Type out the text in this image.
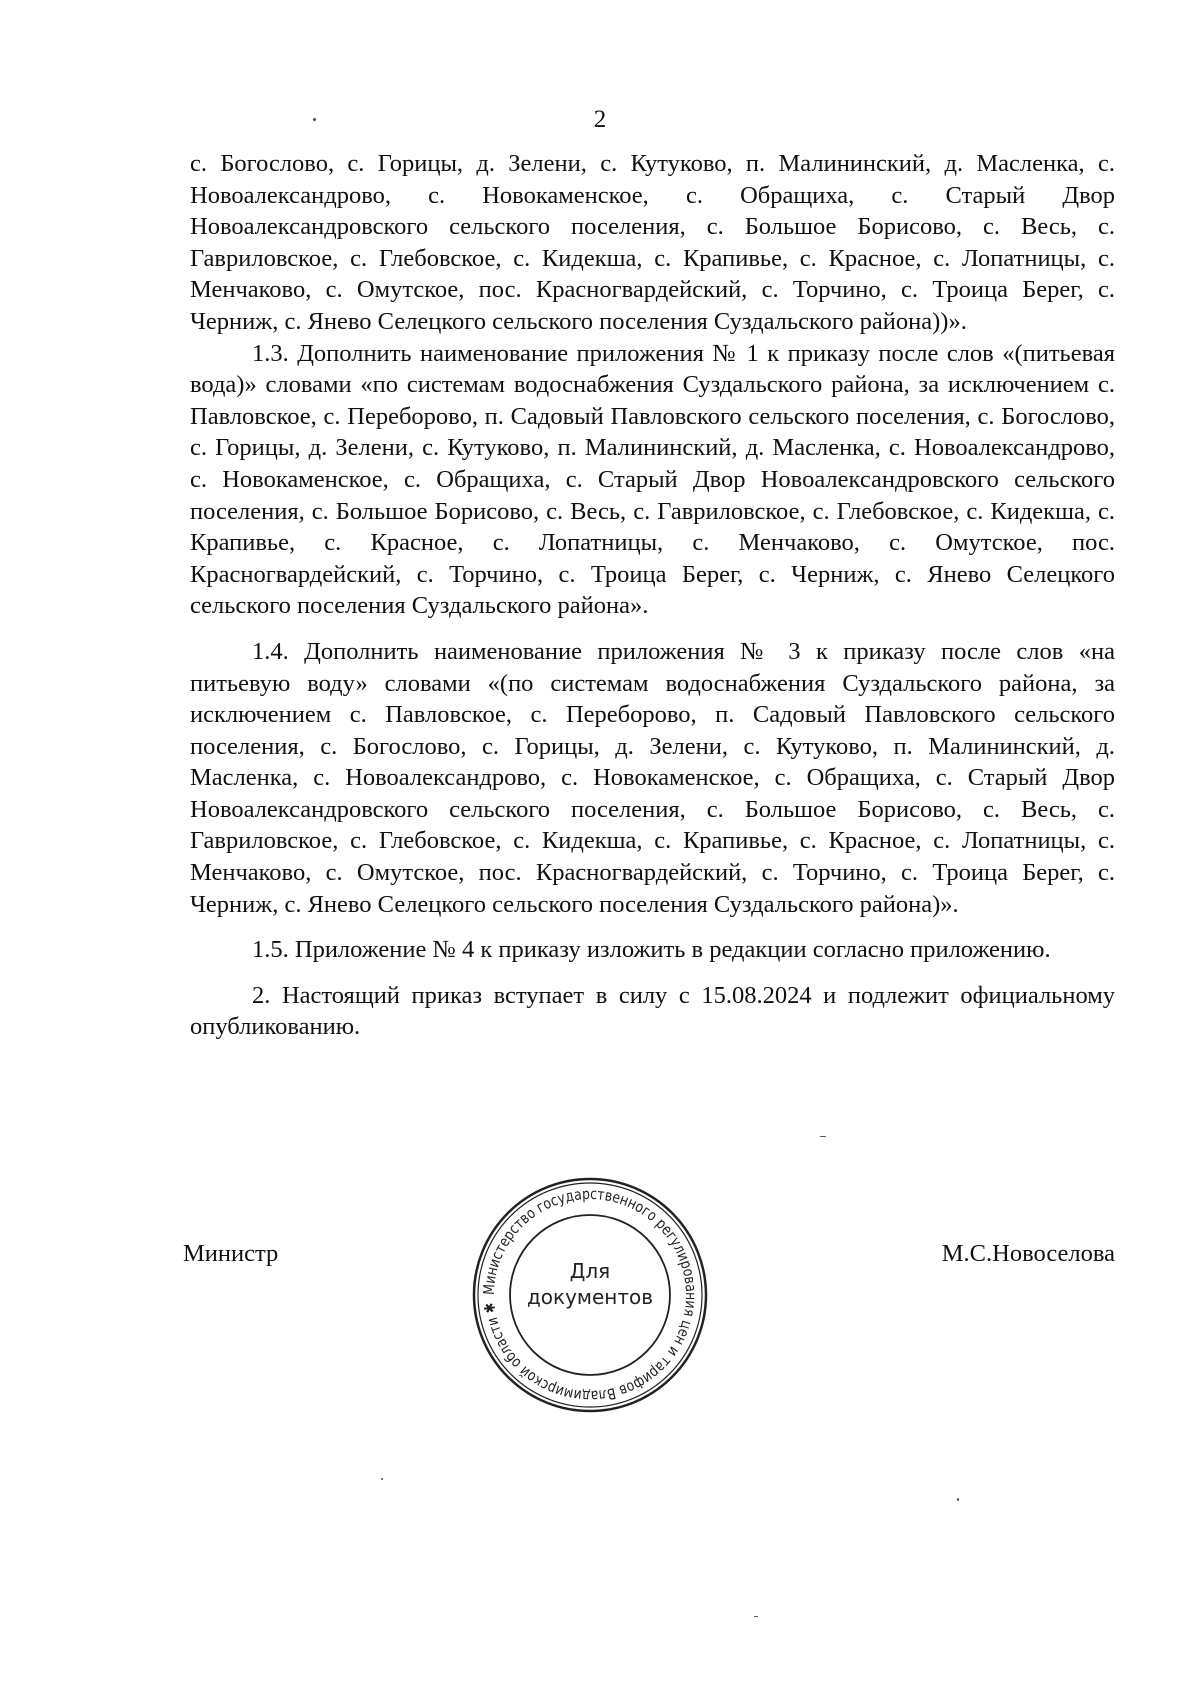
2

с. Богослово, с. Горицы, д. Зелени, с. Кутуково, п. Малининский, д. Масленка, с. Новоалександрово, с. Новокаменское, с. Обращиха, с. Старый Двор Новоалександровского сельского поселения, с. Большое Борисово, с. Весь, с. Гавриловское, с. Глебовское, с. Кидекша, с. Крапивье, с. Красное, с. Лопатницы, с. Менчаково, с. Омутское, пос. Красногвардейский, с. Торчино, с. Троица Берег, с. Черниж, с. Янево Селецкого сельского поселения Суздальского района))».

1.3. Дополнить наименование приложения № 1 к приказу после слов «(питьевая вода)» словами «по системам водоснабжения Суздальского района, за исключением с. Павловское, с. Переборово, п. Садовый Павловского сельского поселения, с. Богослово, с. Горицы, д. Зелени, с. Кутуково, п. Малининский, д. Масленка, с. Новоалександрово, с. Новокаменское, с. Обращиха, с. Старый Двор Новоалександровского сельского поселения, с. Большое Борисово, с. Весь, с. Гавриловское, с. Глебовское, с. Кидекша, с. Крапивье, с. Красное, с. Лопатницы, с. Менчаково, с. Омутское, пос. Красногвардейский, с. Торчино, с. Троица Берег, с. Черниж, с. Янево Селецкого сельского поселения Суздальского района».

1.4. Дополнить наименование приложения № 3 к приказу после слов «на питьевую воду» словами «(по системам водоснабжения Суздальского района, за исключением с. Павловское, с. Переборово, п. Садовый Павловского сельского поселения, с. Богослово, с. Горицы, д. Зелени, с. Кутуково, п. Малининский, д. Масленка, с. Новоалександрово, с. Новокаменское, с. Обращиха, с. Старый Двор Новоалександровского сельского поселения, с. Большое Борисово, с. Весь, с. Гавриловское, с. Глебовское, с. Кидекша, с. Крапивье, с. Красное, с. Лопатницы, с. Менчаково, с. Омутское, пос. Красногвардейский, с. Торчино, с. Троица Берег, с. Черниж, с. Янево Селецкого сельского поселения Суздальского района)».

1.5. Приложение № 4 к приказу изложить в редакции согласно приложению.

2. Настоящий приказ вступает в силу с 15.08.2024 и подлежит официальному опубликованию.

Министр	М.С.Новоселова
Министерство государственного регулирования цен и тарифов Владимирской области ✱
Для
документов
